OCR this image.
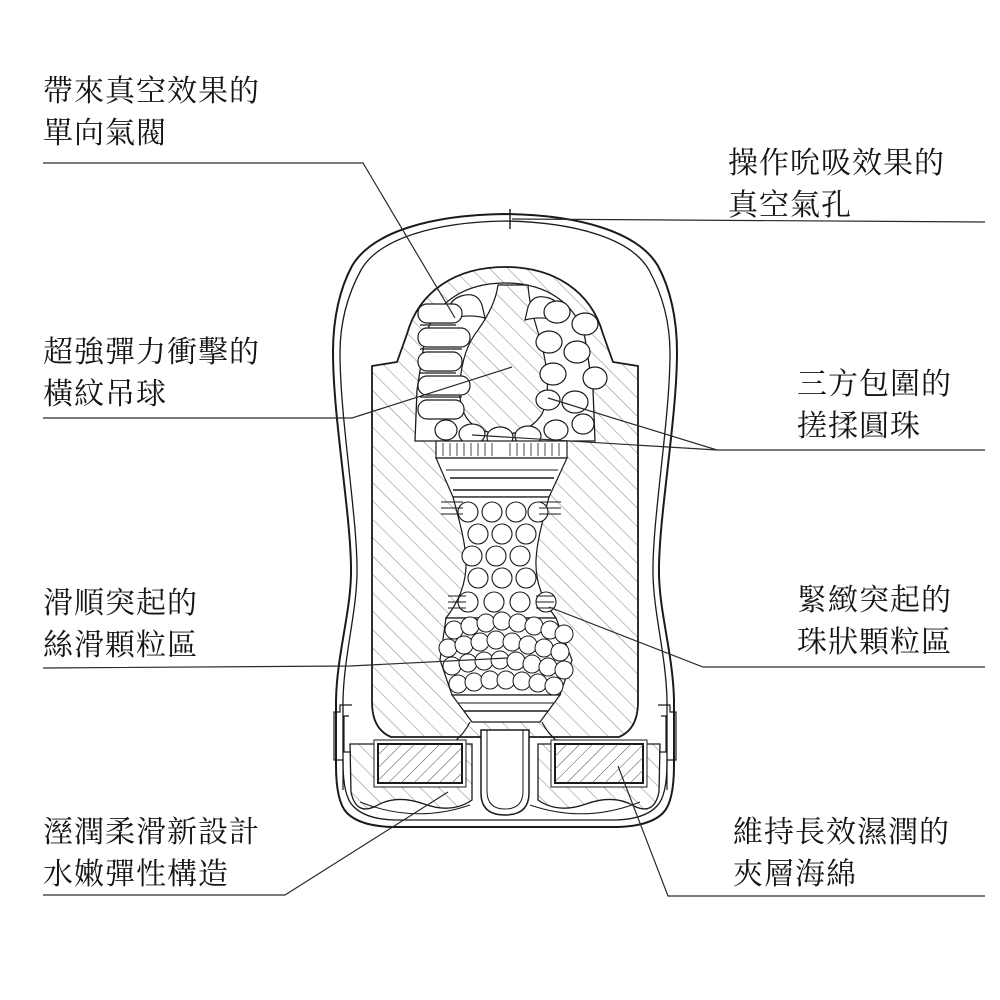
帶來真空效果的
單向氣閥
操作吮吸效果的
真空氣孔
超強彈力衝擊的
橫紋吊球	三方包圍的
搓揉圓珠
滑順突起的
絲滑顆粒區
緊緻突起的
珠狀顆粒區
溼潤柔滑新設計
水嫩彈性構造
維持長效濕潤的
夾層海綿
